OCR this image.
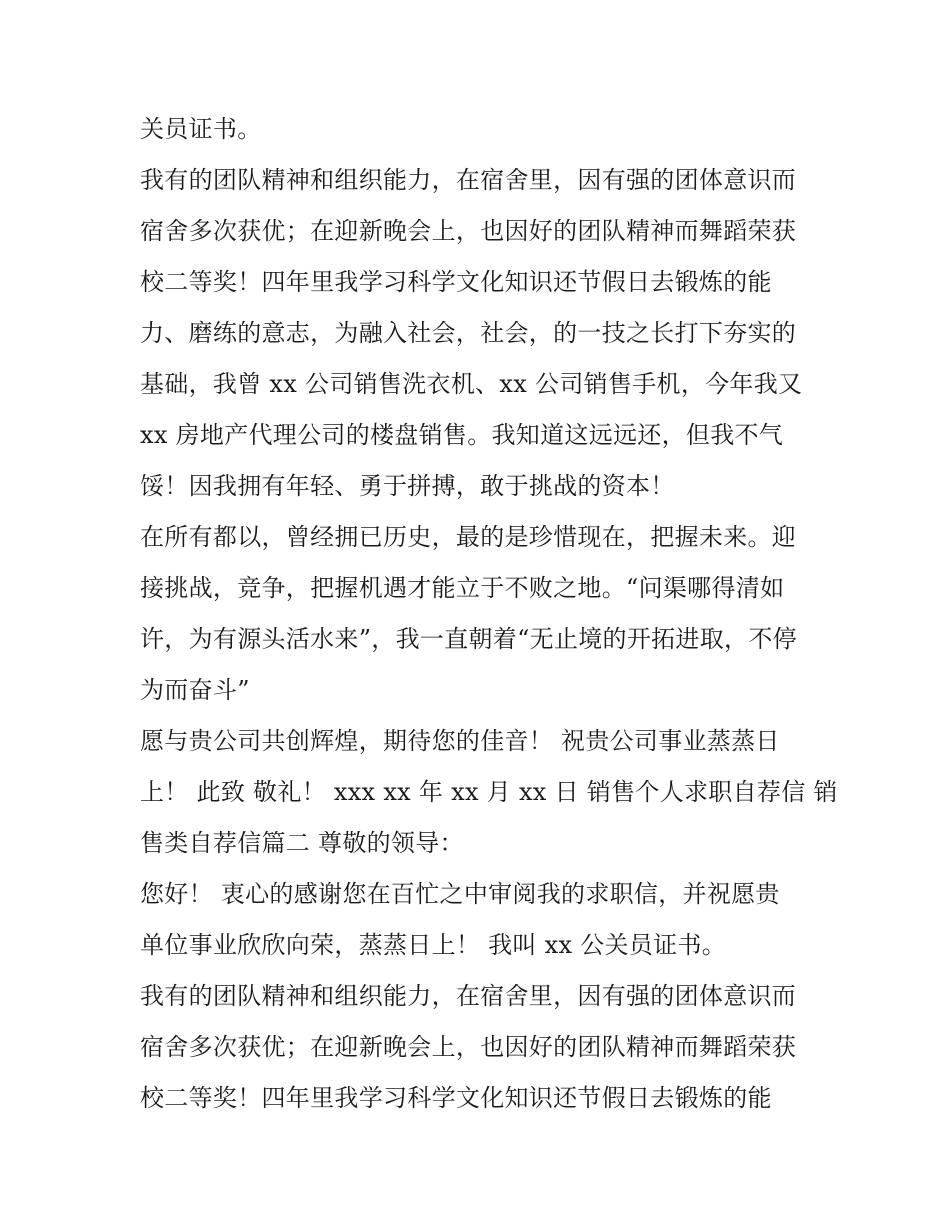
关员证书。
我有的团队精神和组织能力，在宿舍里，因有强的团体意识而
宿舍多次获优；在迎新晚会上，也因好的团队精神而舞蹈荣获
校二等奖！四年里我学习科学文化知识还节假日去锻炼的能
力、磨练的意志，为融入社会，社会，的一技之长打下夯实的
基础，我曾 xx 公司销售洗衣机、xx 公司销售手机，今年我又
xx 房地产代理公司的楼盘销售。我知道这远远还，但我不气
馁！因我拥有年轻、勇于拼搏，敢于挑战的资本！
在所有都以，曾经拥已历史，最的是珍惜现在，把握未来。迎
接挑战，竞争，把握机遇才能立于不败之地。“问渠哪得清如
许，为有源头活水来”，我一直朝着“无止境的开拓进取，不停
为而奋斗”
愿与贵公司共创辉煌，期待您的佳音！ 祝贵公司事业蒸蒸日
上！ 此致 敬礼！ xxx xx 年 xx 月 xx 日 销售个人求职自荐信 销
售类自荐信篇二 尊敬的领导：
您好！ 衷心的感谢您在百忙之中审阅我的求职信，并祝愿贵
单位事业欣欣向荣，蒸蒸日上！ 我叫 xx 公关员证书。
我有的团队精神和组织能力，在宿舍里，因有强的团体意识而
宿舍多次获优；在迎新晚会上，也因好的团队精神而舞蹈荣获
校二等奖！四年里我学习科学文化知识还节假日去锻炼的能
